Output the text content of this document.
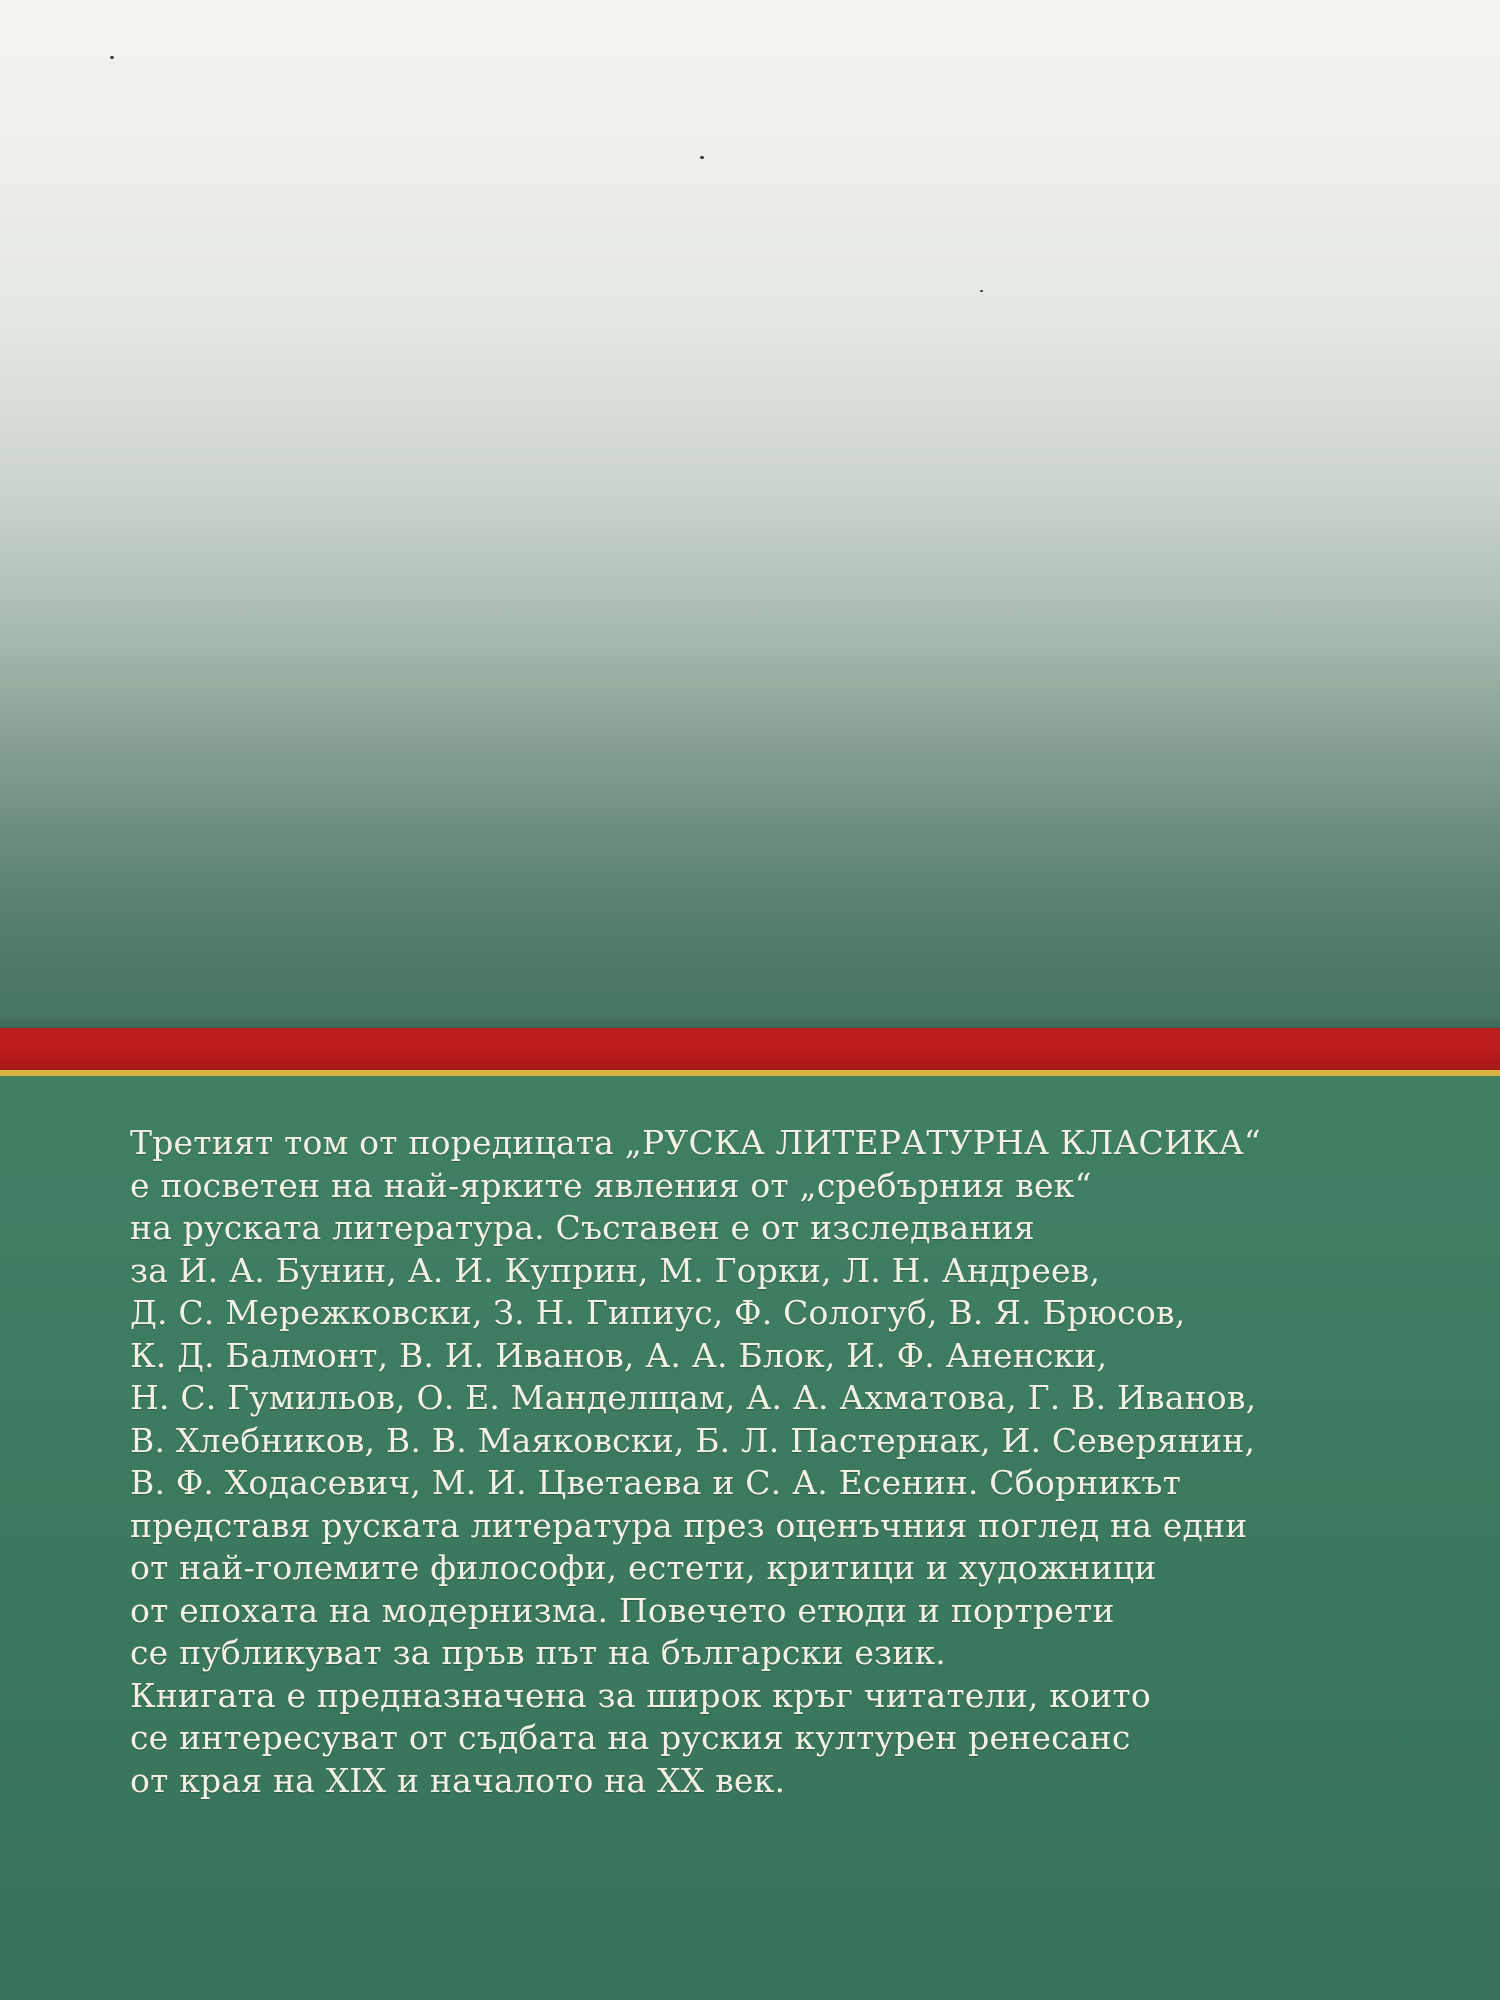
Третият том от поредицата „РУСКА ЛИТЕРАТУРНА КЛАСИКА“
е посветен на най-ярките явления от „сребърния век“
на руската литература. Съставен е от изследвания
за И. А. Бунин, А. И. Куприн, М. Горки, Л. Н. Андреев,
Д. С. Мережковски, З. Н. Гипиус, Ф. Сологуб, В. Я. Брюсов,
К. Д. Балмонт, В. И. Иванов, А. А. Блок, И. Ф. Аненски,
Н. С. Гумильов, О. Е. Манделщам, А. А. Ахматова, Г. В. Иванов,
В. Хлебников, В. В. Маяковски, Б. Л. Пастернак, И. Северянин,
В. Ф. Ходасевич, М. И. Цветаева и С. А. Есенин. Сборникът
представя руската литература през оценъчния поглед на едни
от най-големите философи, естети, критици и художници
от епохата на модернизма. Повечето етюди и портрети
се публикуват за пръв път на български език.
Книгата е предназначена за широк кръг читатели, които
се интересуват от съдбата на руския културен ренесанс
от края на XIX и началото на XX век.
